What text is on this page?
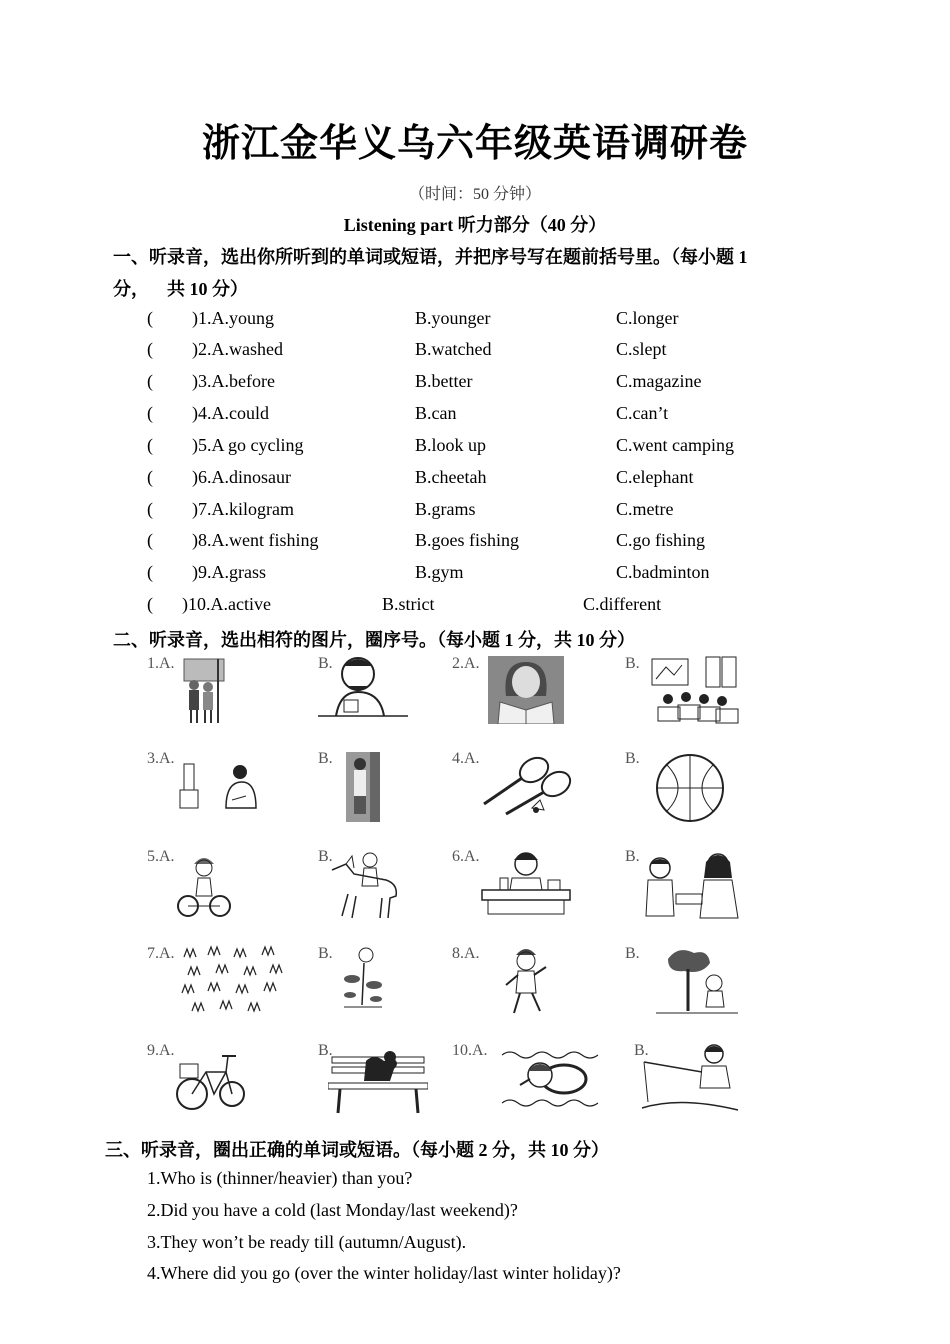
浙江金华义乌六年级英语调研卷
（时间：50 分钟）
Listening part 听力部分（40 分）
一、听录音，选出你所听到的单词或短语，并把序号写在题前括号里。（每小题 1
分，    共 10 分）
( )1.A.young	B.younger	C.longer
( )2.A.washed	B.watched	C.slept
( )3.A.before	B.better	C.magazine
( )4.A.could	B.can	C.can’t
( )5.A go cycling	B.look up	C.went camping
( )6.A.dinosaur	B.cheetah	C.elephant
( )7.A.kilogram	B.grams	C.metre
( )8.A.went fishing	B.goes fishing	C.go fishing
( )9.A.grass	B.gym	C.badminton
( )10.A.active	B.strict	C.different
二、听录音，选出相符的图片，圈序号。（每小题 1 分，共 10 分）
1.A.	B.	2.A.	B.
3.A.	B.	4.A.	B.
5.A.	B.	6.A.	B.
7.A.	B.	8.A.	B.
9.A.	B.	10.A.	B.
三、听录音，圈出正确的单词或短语。（每小题 2 分，共 10 分）
1.Who is (thinner/heavier) than you?
2.Did you have a cold (last Monday/last weekend)?
3.They won’t be ready till (autumn/August).
4.Where did you go (over the winter holiday/last winter holiday)?
